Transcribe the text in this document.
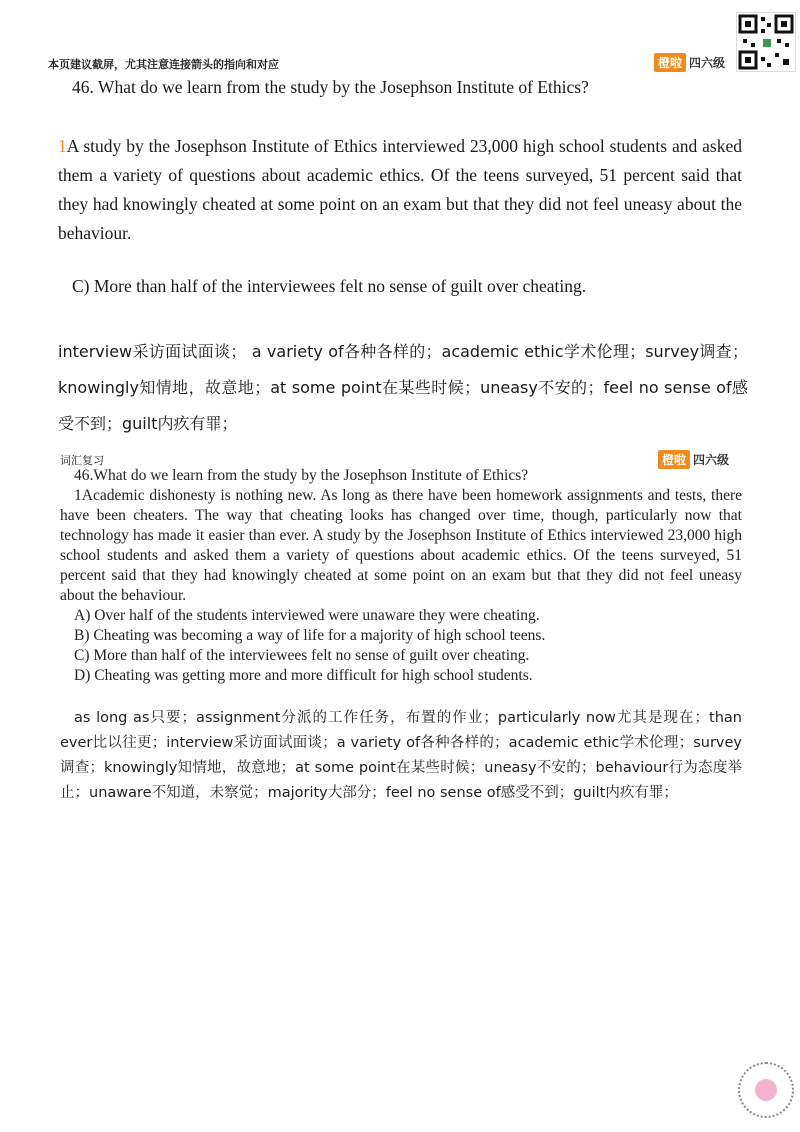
本页建议截屏，尤其注意连接箭头的指向和对应	橙啦 四六级
46. What do we learn from the study by the Josephson Institute of Ethics?
1A study by the Josephson Institute of Ethics interviewed 23,000 high school students and asked them a variety of questions about academic ethics. Of the teens surveyed, 51 percent said that they had knowingly cheated at some point on an exam but that they did not feel uneasy about the behaviour.
C) More than half of the interviewees felt no sense of guilt over cheating.
interview采访面试面谈； a variety of各种各样的；academic ethic学术伦理；survey调查；knowingly知情地，故意地；at some point在某些时候；uneasy不安的；feel no sense of感受不到；guilt内疚有罪；
词汇复习	橙啦 四六级
46.What do we learn from the study by the Josephson Institute of Ethics?
1Academic dishonesty is nothing new. As long as there have been homework assignments and tests, there have been cheaters. The way that cheating looks has changed over time, though, particularly now that technology has made it easier than ever. A study by the Josephson Institute of Ethics interviewed 23,000 high school students and asked them a variety of questions about academic ethics. Of the teens surveyed, 51 percent said that they had knowingly cheated at some point on an exam but that they did not feel uneasy about the behaviour.
A) Over half of the students interviewed were unaware they were cheating.
B) Cheating was becoming a way of life for a majority of high school teens.
C) More than half of the interviewees felt no sense of guilt over cheating.
D) Cheating was getting more and more difficult for high school students.
as long as只要；assignment分派的工作任务，布置的作业；particularly now尤其是现在；than ever比以往更；interview采访面试面谈；a variety of各种各样的；academic ethic学术伦理；survey调查；knowingly知情地，故意地；at some point在某些时候；uneasy不安的；behaviour行为态度举止；unaware不知道，未察觉；majority大部分；feel no sense of感受不到；guilt内疚有罪；
